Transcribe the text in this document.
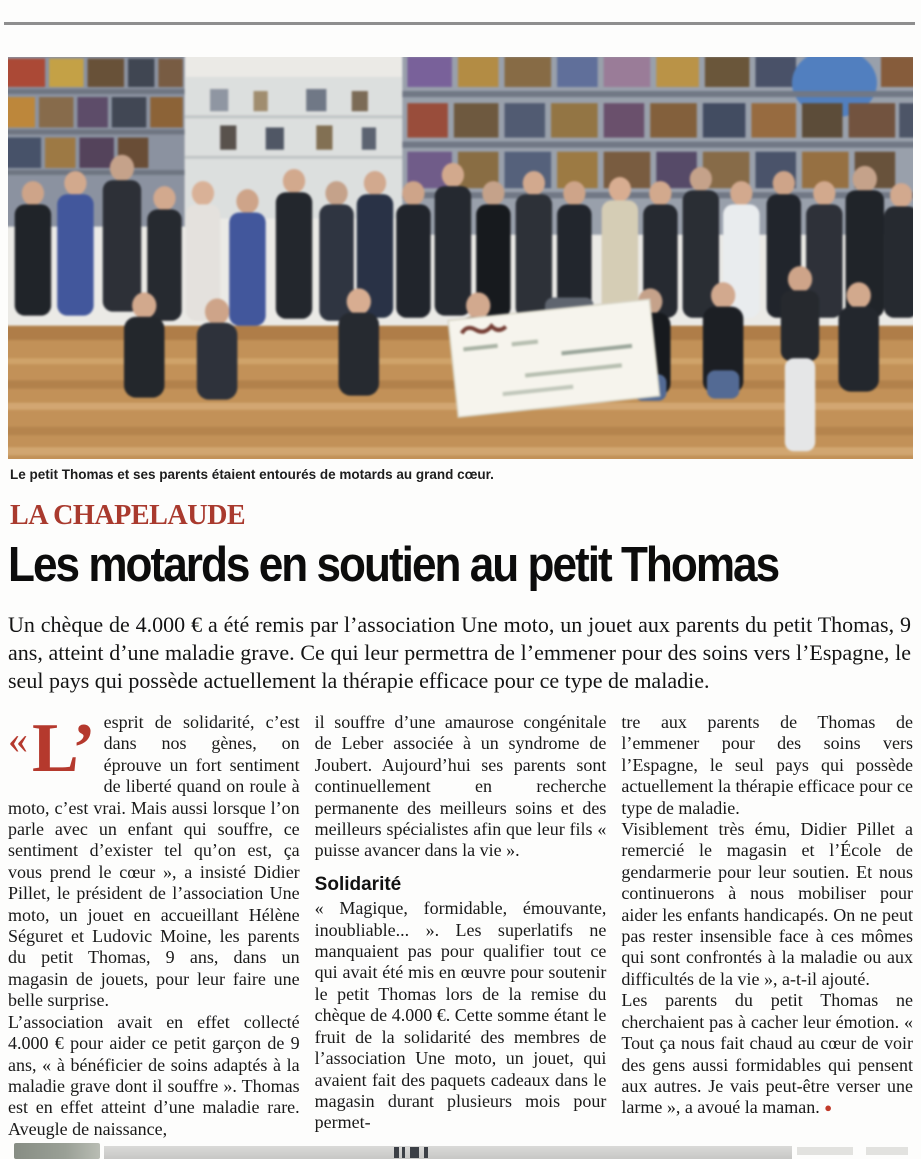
Le petit Thomas et ses parents étaient entourés de motards au grand cœur.
LA CHAPELAUDE
Les motards en soutien au petit Thomas
Un chèque de 4.000 € a été remis par l’association Une moto, un jouet aux parents du petit Thomas, 9 ans, atteint d’une maladie grave. Ce qui leur permettra de l’emmener pour des soins vers l’Espagne, le seul pays qui possède actuellement la thérapie efficace pour ce type de maladie.

«L’ esprit de solidarité, c’est dans nos gènes, on éprouve un fort sentiment de liberté quand on roule à moto, c’est vrai. Mais aussi lorsque l’on parle avec un enfant qui souffre, ce sentiment d’exister tel qu’on est, ça vous prend le cœur », a insisté Didier Pillet, le président de l’association Une moto, un jouet en accueillant Hélène Séguret et Ludovic Moine, les parents du petit Thomas, 9 ans, dans un magasin de jouets, pour leur faire une belle surprise.

L’association avait en effet collecté 4.000 € pour aider ce petit garçon de 9 ans, « à bénéficier de soins adaptés à la maladie grave dont il souffre ». Thomas est en effet atteint d’une maladie rare. Aveugle de naissance,

il souffre d’une amaurose congénitale de Leber associée à un syndrome de Joubert. Aujourd’hui ses parents sont continuellement en recherche permanente des meilleurs soins et des meilleurs spécialistes afin que leur fils « puisse avancer dans la vie ».

Solidarité

« Magique, formidable, émouvante, inoubliable... ». Les superlatifs ne manquaient pas pour qualifier tout ce qui avait été mis en œuvre pour soutenir le petit Thomas lors de la remise du chèque de 4.000 €. Cette somme étant le fruit de la solidarité des membres de l’association Une moto, un jouet, qui avaient fait des paquets cadeaux dans le magasin durant plusieurs mois pour permet-

tre aux parents de Thomas de l’emmener pour des soins vers l’Espagne, le seul pays qui possède actuellement la thérapie efficace pour ce type de maladie.

Visiblement très ému, Didier Pillet a remercié le magasin et l’École de gendarmerie pour leur soutien. Et nous continuerons à nous mobiliser pour aider les enfants handicapés. On ne peut pas rester insensible face à ces mômes qui sont confrontés à la maladie ou aux difficultés de la vie », a-t-il ajouté.

Les parents du petit Thomas ne cherchaient pas à cacher leur émotion. « Tout ça nous fait chaud au cœur de voir des gens aussi formidables qui pensent aux autres. Je vais peut-être verser une larme », a avoué la maman. ●
